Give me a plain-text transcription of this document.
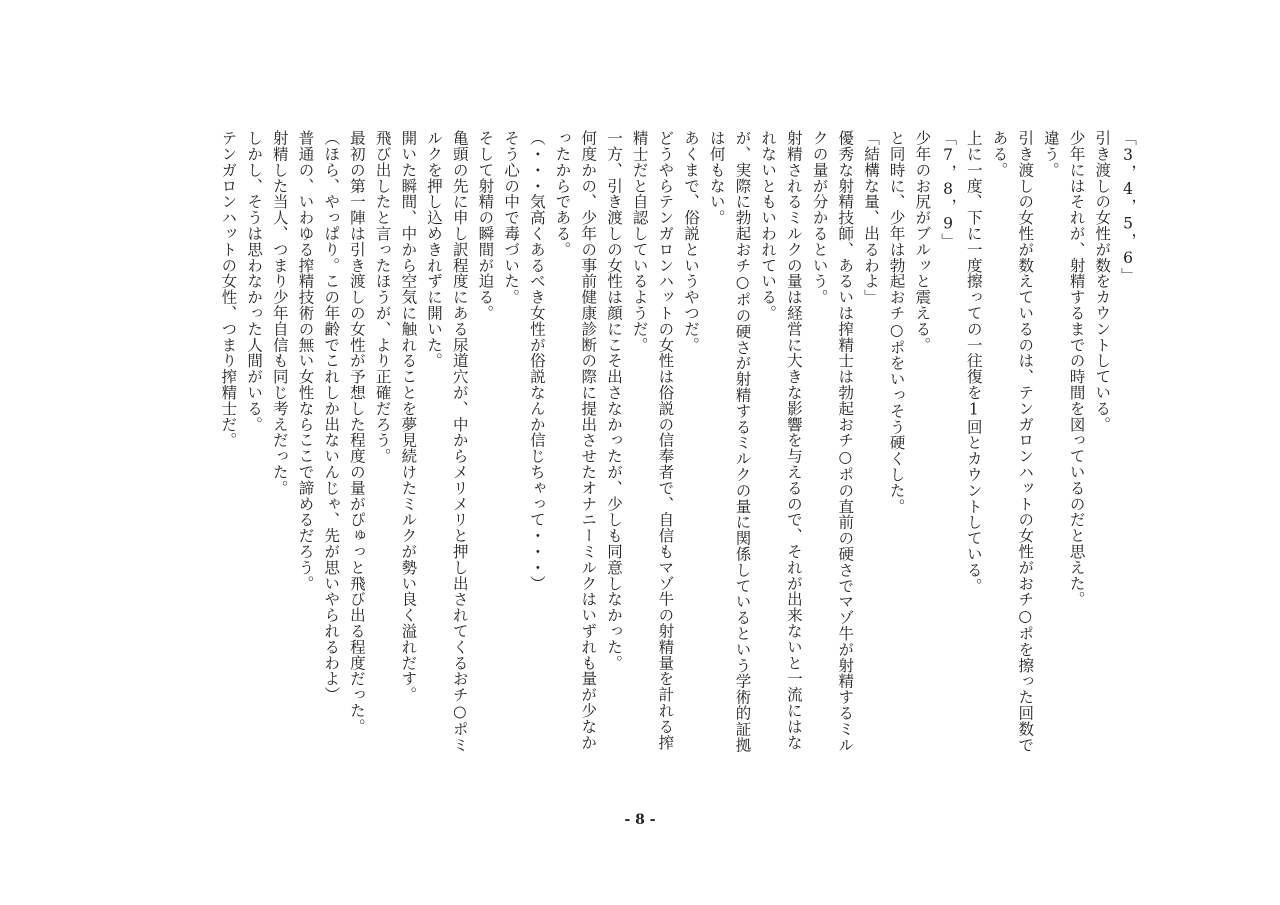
「3，4，5，6」
引き渡しの女性が数をカウントしている。
少年にはそれが、射精するまでの時間を図っているのだと思えた。
違う。
引き渡しの女性が数えているのは、テンガロンハットの女性がおチ○ポを擦った回数で
ある。
上に一度、下に一度擦っての一往復を1回とカウントしている。
「7，8，9」
少年のお尻がブルッと震える。
と同時に、少年は勃起おチ○ポをいっそう硬くした。
「結構な量、出るわよ」
優秀な射精技師、あるいは搾精士は勃起おチ○ポの直前の硬さでマゾ牛が射精するミル
クの量が分かるという。
射精されるミルクの量は経営に大きな影響を与えるので、それが出来ないと一流にはな
れないともいわれている。
が、実際に勃起おチ○ポの硬さが射精するミルクの量に関係しているという学術的証拠
は何もない。
あくまで、俗説というやつだ。
どうやらテンガロンハットの女性は俗説の信奉者で、自信もマゾ牛の射精量を計れる搾
精士だと自認しているようだ。
一方、引き渡しの女性は顔にこそ出さなかったが、少しも同意しなかった。
何度かの、少年の事前健康診断の際に提出させたオナニーミルクはいずれも量が少なか
ったからである。
（・・・気高くあるべき女性が俗説なんか信じちゃって・・・）
そう心の中で毒づいた。
そして射精の瞬間が迫る。
亀頭の先に申し訳程度にある尿道穴が、中からメリメリと押し出されてくるおチ○ポミ
ルクを押し込めきれずに開いた。
開いた瞬間、中から空気に触れることを夢見続けたミルクが勢い良く溢れだす。
飛び出したと言ったほうが、より正確だろう。
最初の第一陣は引き渡しの女性が予想した程度の量がぴゅっと飛び出る程度だった。
（ほら、やっぱり。この年齢でこれしか出ないんじゃ、先が思いやられるわよ）
普通の、いわゆる搾精技術の無い女性ならここで諦めるだろう。
射精した当人、つまり少年自信も同じ考えだった。
しかし、そうは思わなかった人間がいる。
テンガロンハットの女性、つまり搾精士だ。
- 8 -
